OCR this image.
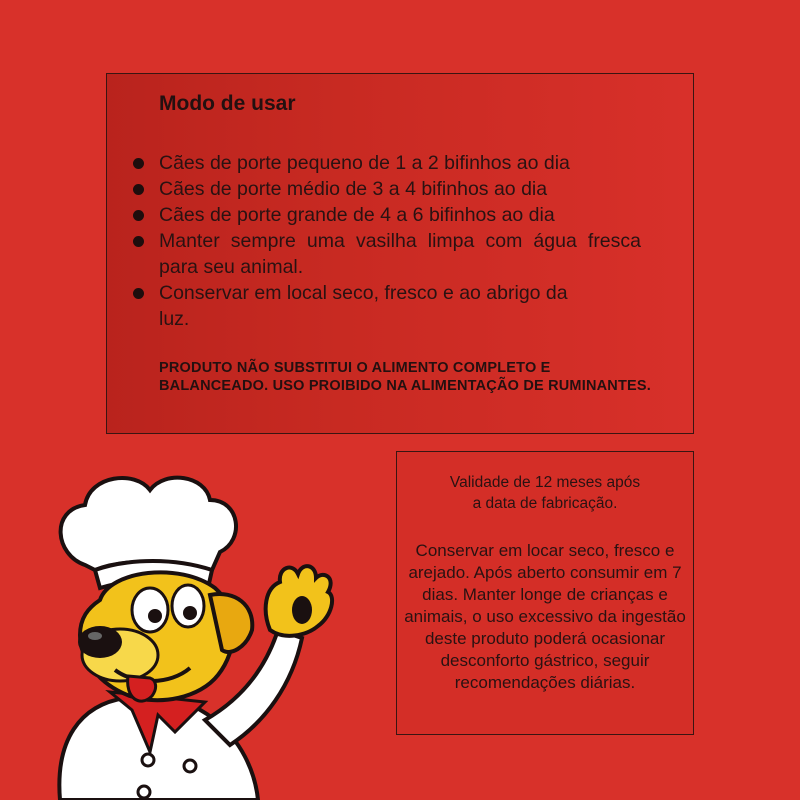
Modo de usar
Cães de porte pequeno de 1 a 2 bifinhos ao dia
Cães de porte médio de 3 a 4 bifinhos ao dia
Cães de porte grande de 4 a 6 bifinhos ao dia
Manter sempre uma vasilha limpa com água fresca para seu animal.
Conservar em local seco, fresco e ao abrigo da luz.
PRODUTO NÃO SUBSTITUI O ALIMENTO COMPLETO E BALANCEADO. USO PROIBIDO NA ALIMENTAÇÃO DE RUMINANTES.
Validade de 12 meses após a data de fabricação.
Conservar em locar seco, fresco e arejado. Após aberto consumir em 7 dias. Manter longe de crianças e animais, o uso excessivo da ingestão deste produto poderá ocasionar desconforto gástrico, seguir recomendações diárias.
